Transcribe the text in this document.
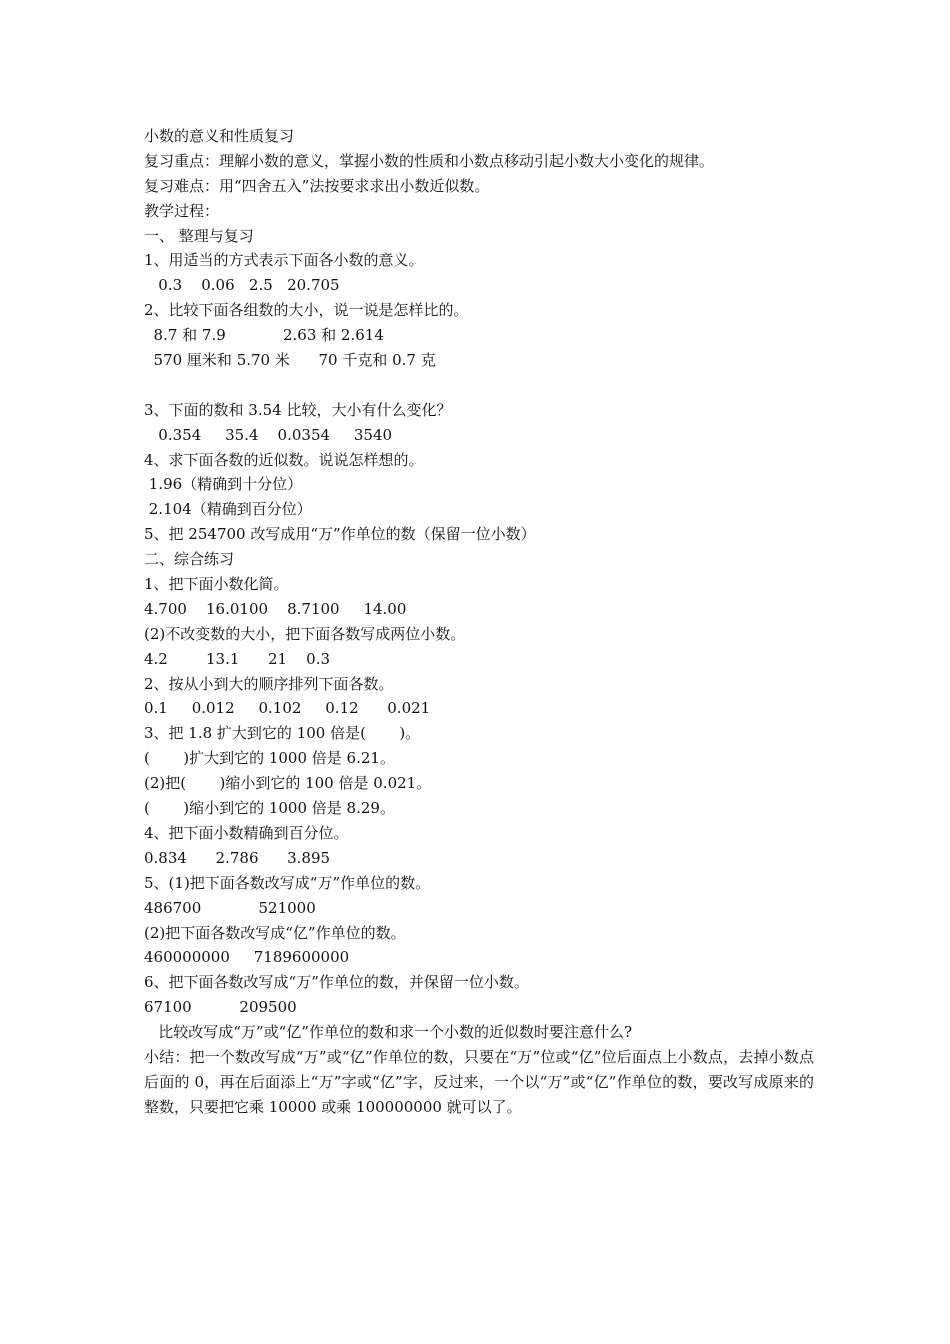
小数的意义和性质复习
复习重点：理解小数的意义，掌握小数的性质和小数点移动引起小数大小变化的规律。
复习难点：用“四舍五入”法按要求求出小数近似数。
教学过程：
一、 整理与复习
1、用适当的方式表示下面各小数的意义。
0.3    0.06   2.5   20.705
2、比较下面各组数的大小，说一说是怎样比的。
8.7 和 7.9            2.63 和 2.614
570 厘米和 5.70 米      70 千克和 0.7 克
3、下面的数和 3.54 比较，大小有什么变化？
0.354     35.4    0.0354     3540
4、求下面各数的近似数。说说怎样想的。
1.96（精确到十分位）
2.104（精确到百分位）
5、把 254700 改写成用“万”作单位的数（保留一位小数）
二、综合练习
1、把下面小数化简。
4.700    16.0100    8.7100     14.00
(2)不改变数的大小，把下面各数写成两位小数。
4.2        13.1      21    0.3
2、按从小到大的顺序排列下面各数。
0.1     0.012     0.102     0.12      0.021
3、把 1.8 扩大到它的 100 倍是(       )。
(       )扩大到它的 1000 倍是 6.21。
(2)把(       )缩小到它的 100 倍是 0.021。
(       )缩小到它的 1000 倍是 8.29。
4、把下面小数精确到百分位。
0.834      2.786      3.895
5、(1)把下面各数改写成“万”作单位的数。
486700            521000
(2)把下面各数改写成“亿”作单位的数。
460000000     7189600000
6、把下面各数改写成“万”作单位的数，并保留一位小数。
67100          209500
比较改写成“万”或“亿”作单位的数和求一个小数的近似数时要注意什么?
小结：把一个数改写成“万”或“亿”作单位的数，只要在“万”位或“亿”位后面点上小数点，去掉小数点后面的 0，再在后面添上“万”字或“亿”字，反过来，一个以“万”或“亿”作单位的数，要改写成原来的整数，只要把它乘 10000 或乘 100000000 就可以了。
